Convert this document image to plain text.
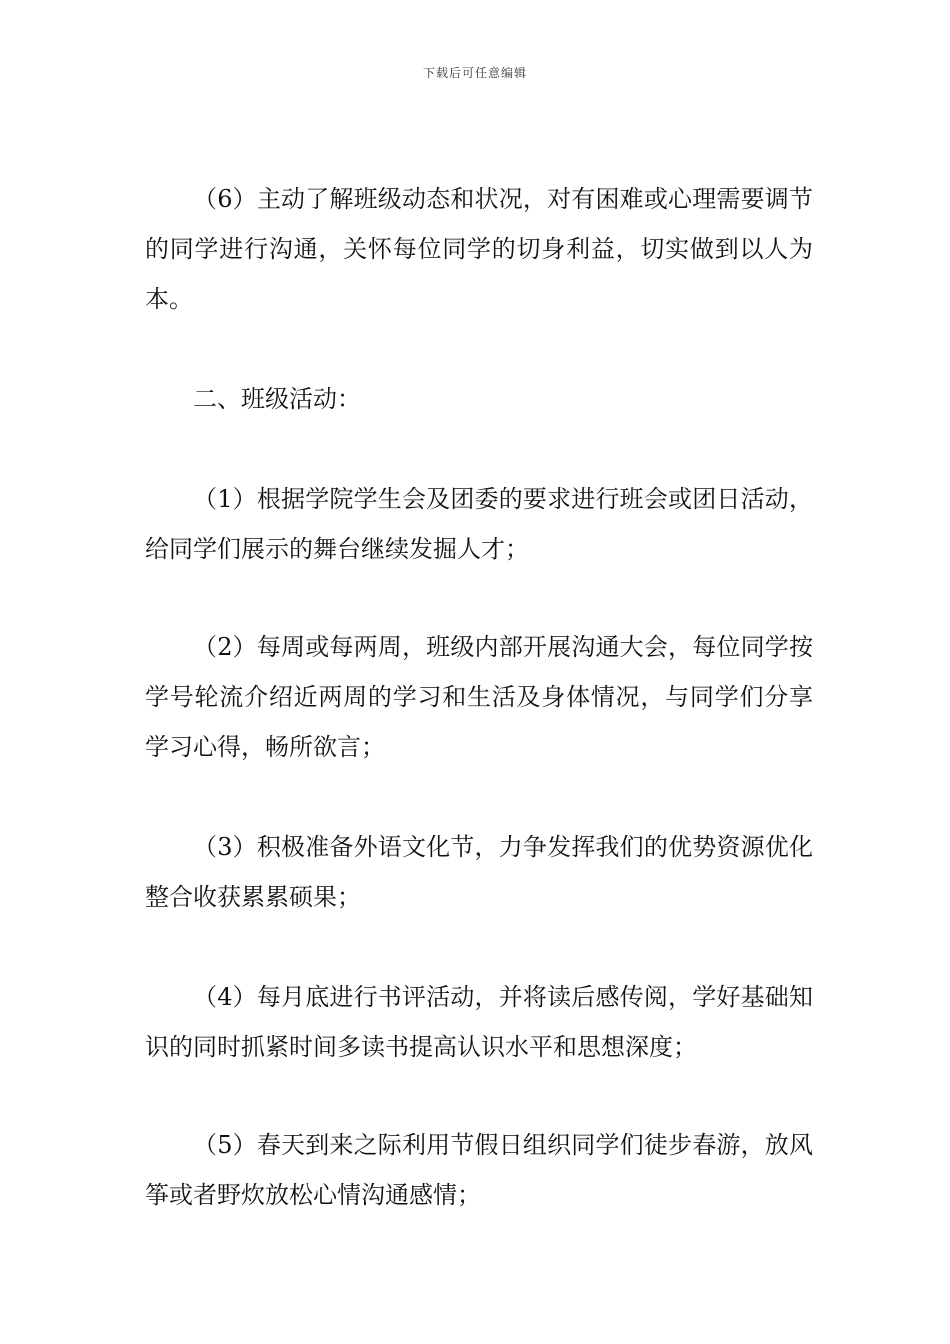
下载后可任意编辑

（6）主动了解班级动态和状况，对有困难或心理需要调节的同学进行沟通，关怀每位同学的切身利益，切实做到以人为本。

二、班级活动：

（1）根据学院学生会及团委的要求进行班会或团日活动，给同学们展示的舞台继续发掘人才；

（2）每周或每两周，班级内部开展沟通大会，每位同学按学号轮流介绍近两周的学习和生活及身体情况，与同学们分享学习心得，畅所欲言；

（3）积极准备外语文化节，力争发挥我们的优势资源优化整合收获累累硕果；

（4）每月底进行书评活动，并将读后感传阅，学好基础知识的同时抓紧时间多读书提高认识水平和思想深度；

（5）春天到来之际利用节假日组织同学们徒步春游，放风筝或者野炊放松心情沟通感情；
